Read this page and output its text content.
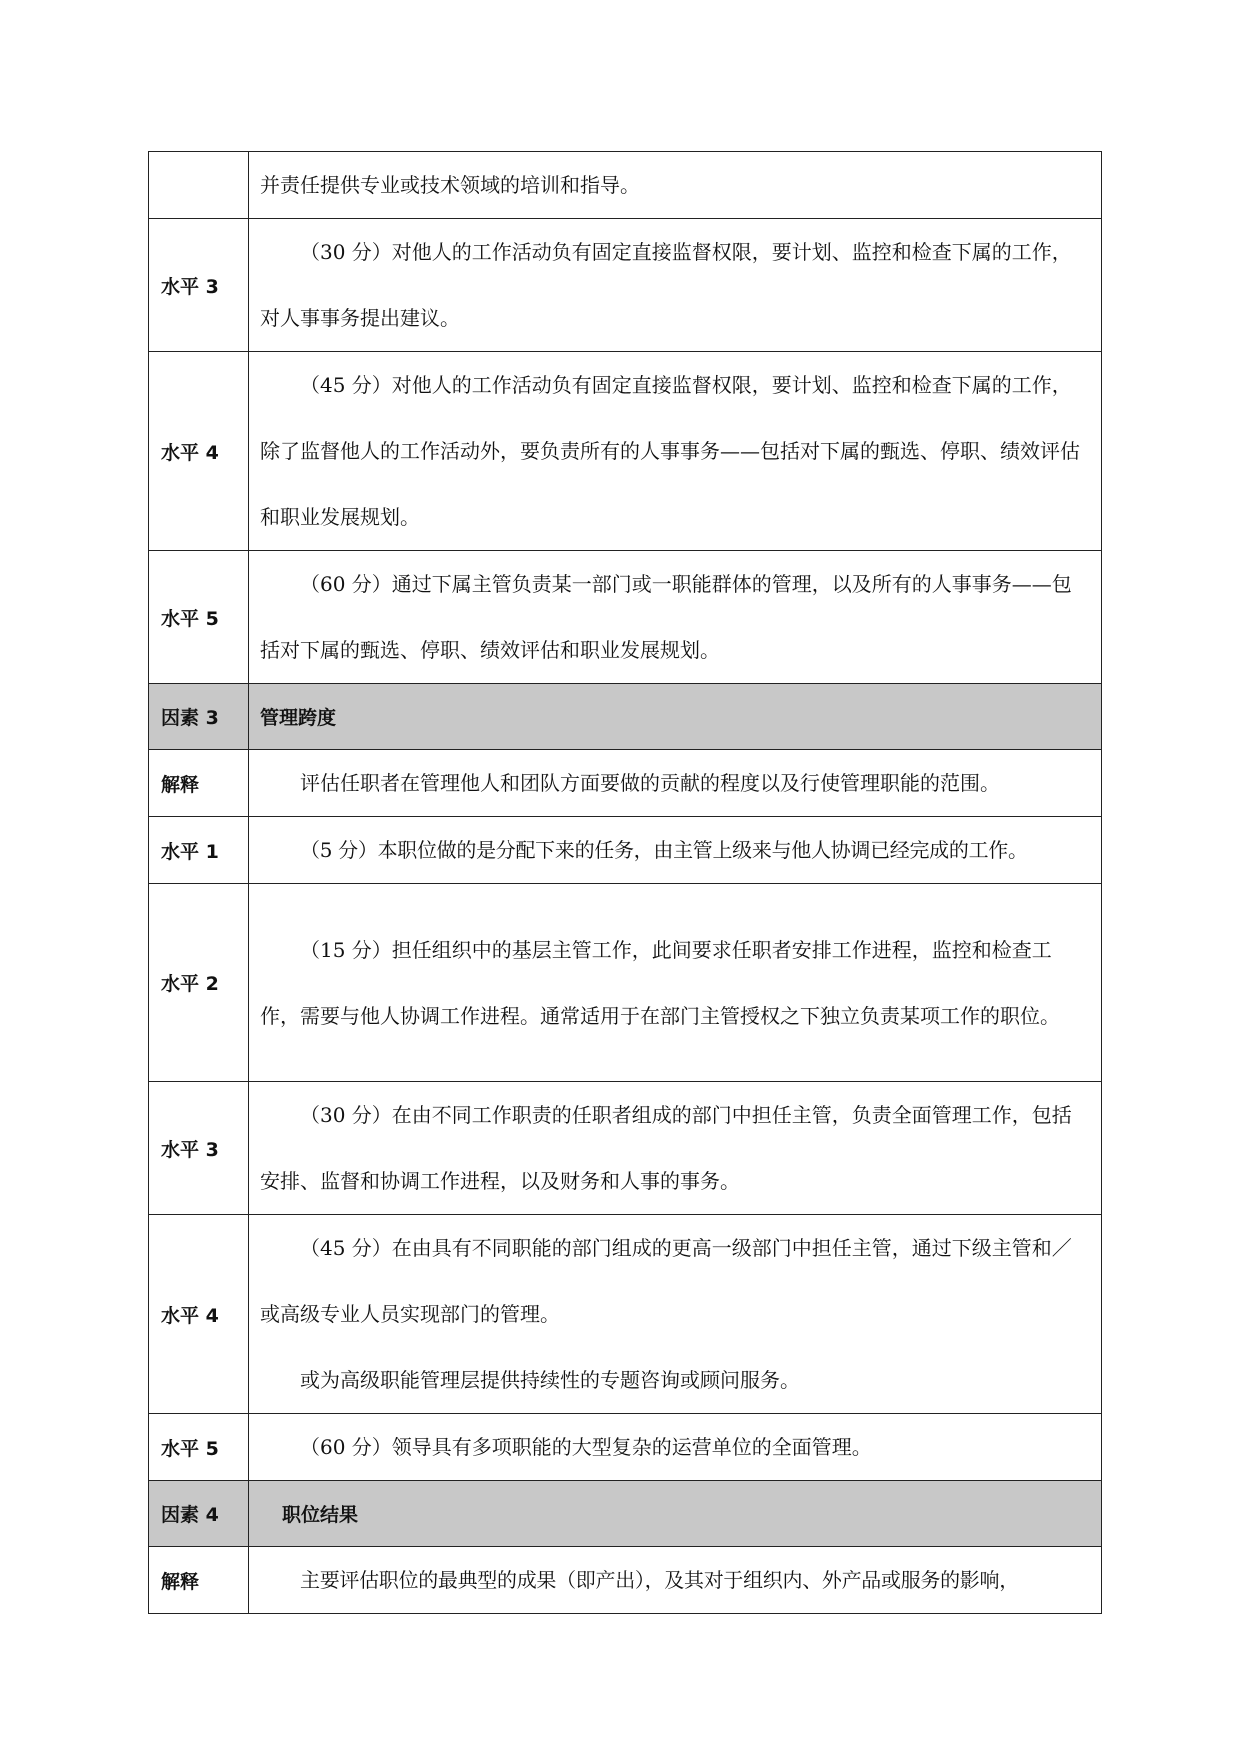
	并责任提供专业或技术领域的培训和指导。

水平 3	（30 分）对他人的工作活动负有固定直接监督权限，要计划、监控和检查下属的工作，对人事事务提出建议。

水平 4	（45 分）对他人的工作活动负有固定直接监督权限，要计划、监控和检查下属的工作，除了监督他人的工作活动外，要负责所有的人事事务——包括对下属的甄选、停职、绩效评估和职业发展规划。

水平 5	（60 分）通过下属主管负责某一部门或一职能群体的管理，以及所有的人事事务——包括对下属的甄选、停职、绩效评估和职业发展规划。

因素 3	管理跨度
解释	评估任职者在管理他人和团队方面要做的贡献的程度以及行使管理职能的范围。

水平 1	（5 分）本职位做的是分配下来的任务，由主管上级来与他人协调已经完成的工作。

水平 2	（15 分）担任组织中的基层主管工作，此间要求任职者安排工作进程，监控和检查工作，需要与他人协调工作进程。通常适用于在部门主管授权之下独立负责某项工作的职位。

水平 3	（30 分）在由不同工作职责的任职者组成的部门中担任主管，负责全面管理工作，包括安排、监督和协调工作进程，以及财务和人事的事务。

水平 4	（45 分）在由具有不同职能的部门组成的更高一级部门中担任主管，通过下级主管和／或高级专业人员实现部门的管理。

或为高级职能管理层提供持续性的专题咨询或顾问服务。

水平 5	（60 分）领导具有多项职能的大型复杂的运营单位的全面管理。

因素 4	职位结果
解释	主要评估职位的最典型的成果（即产出），及其对于组织内、外产品或服务的影响，
